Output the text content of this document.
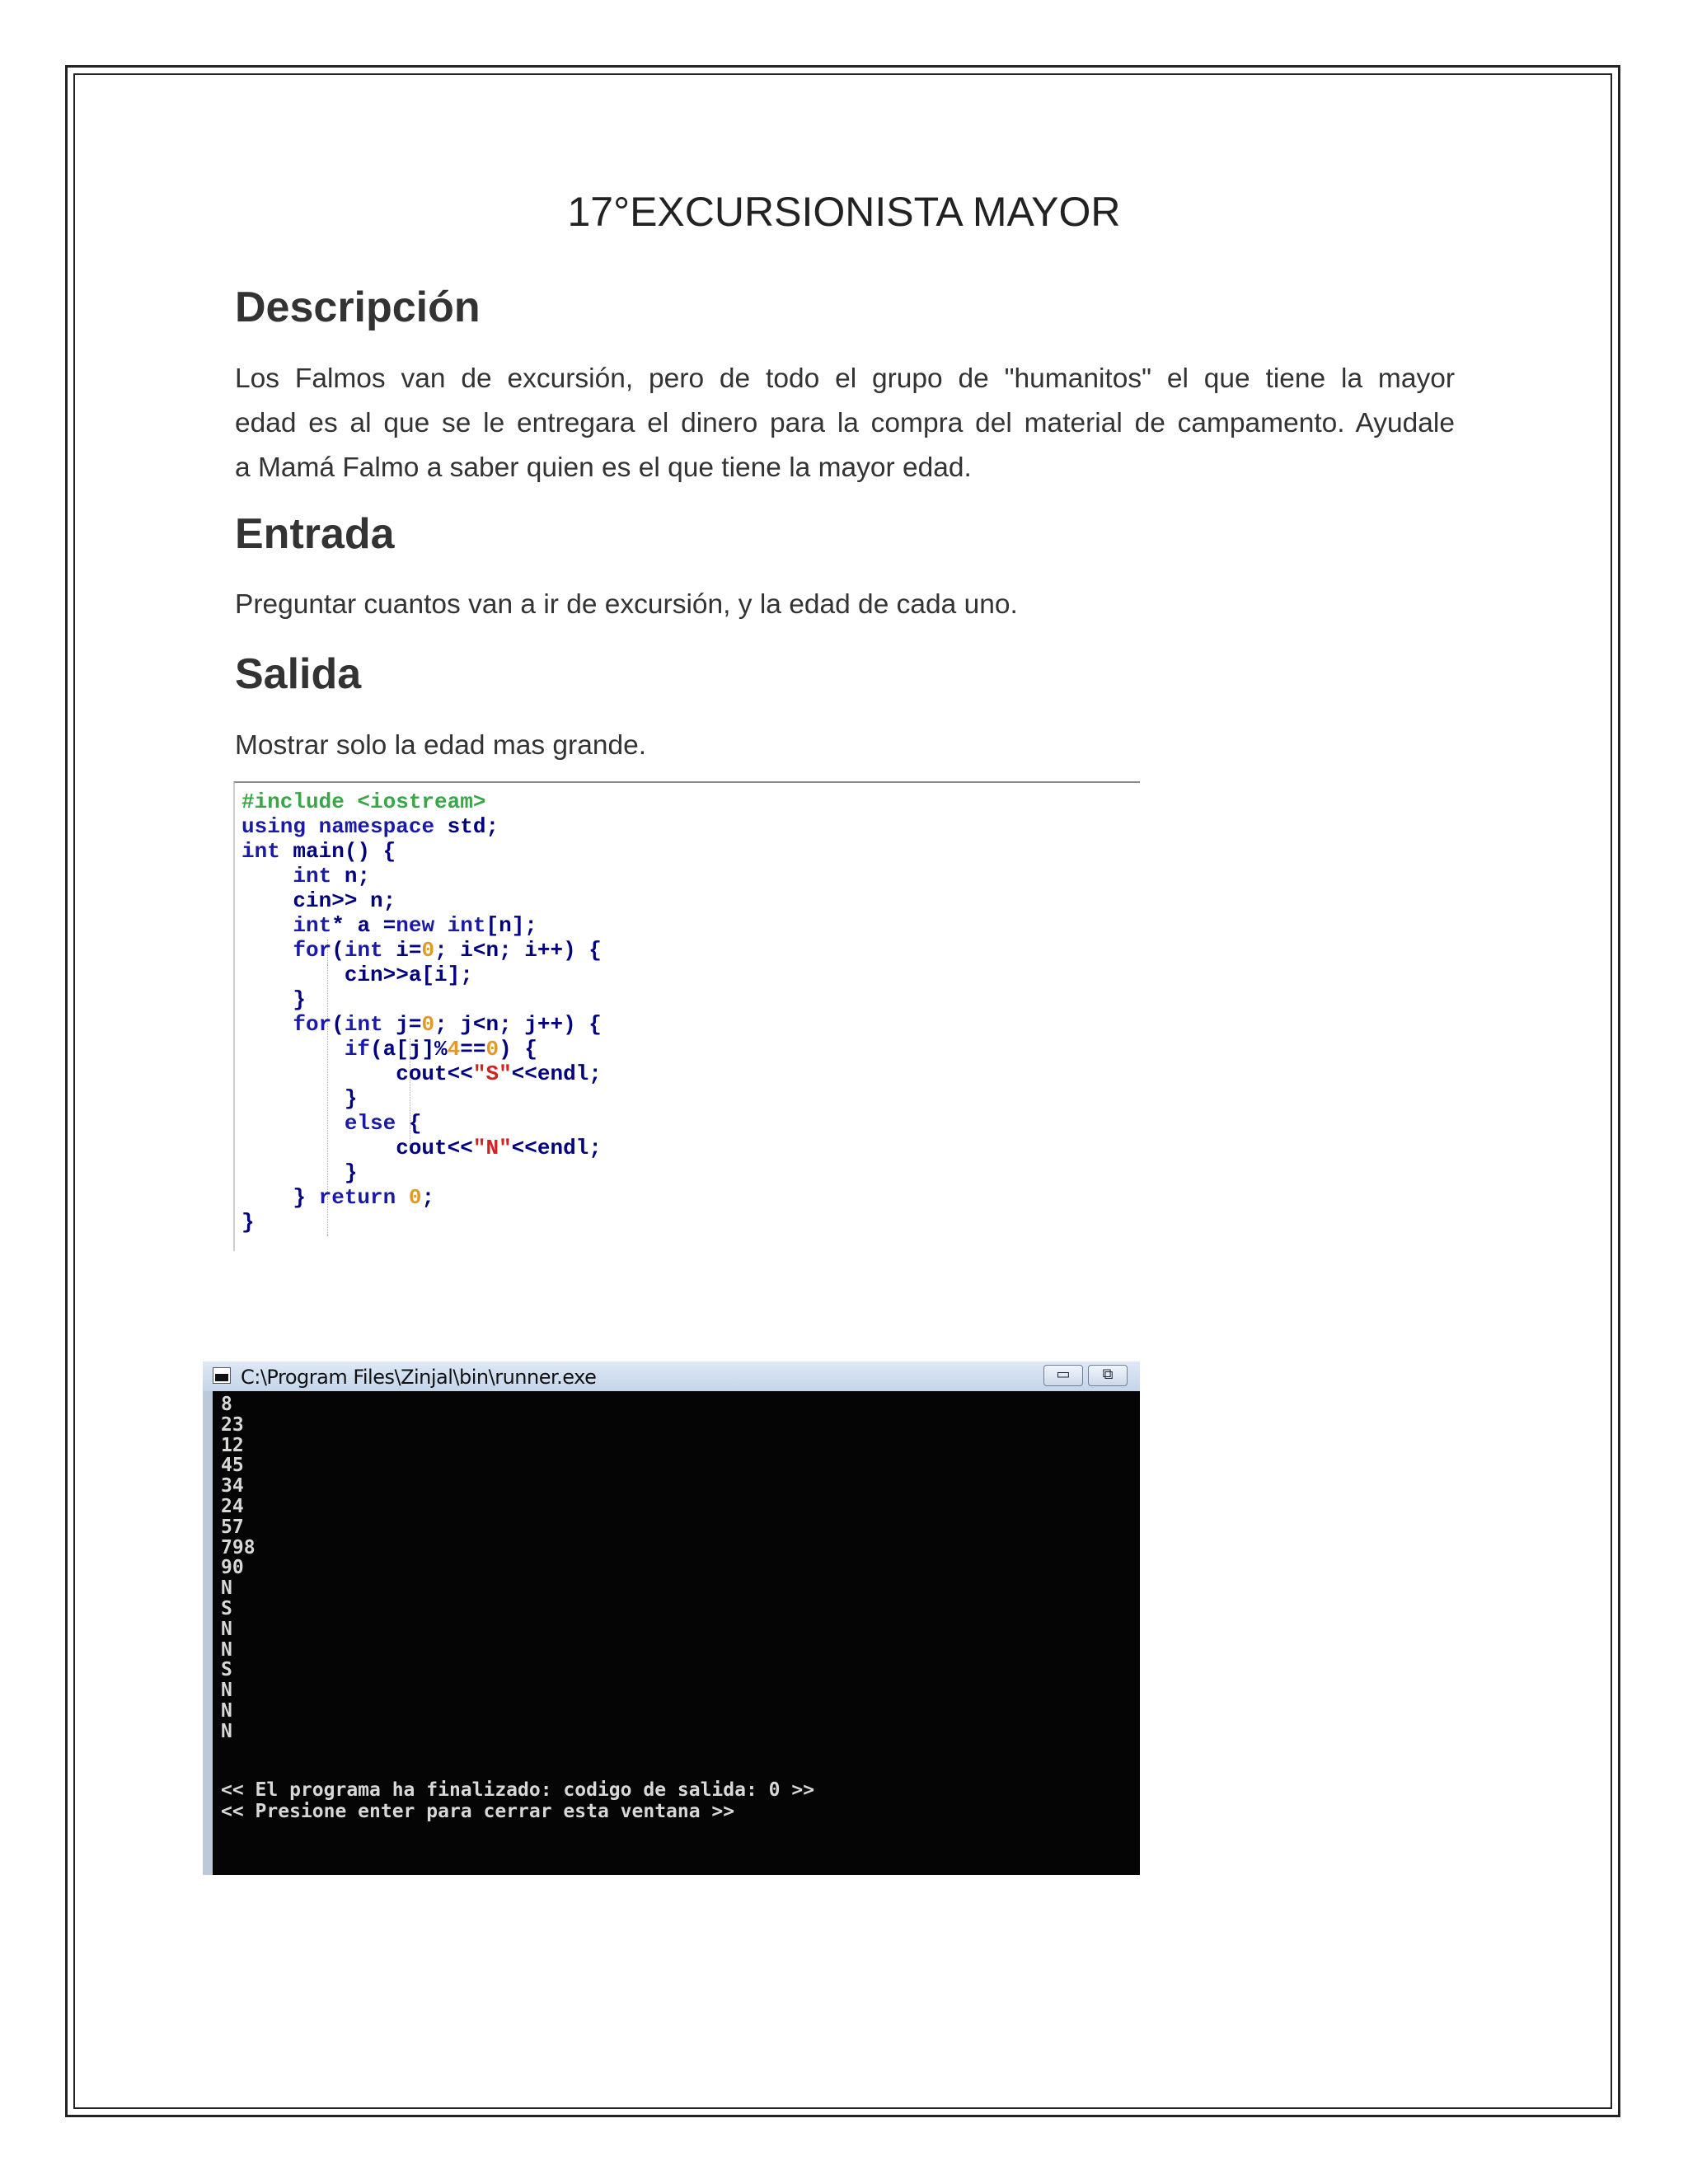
17°EXCURSIONISTA MAYOR
Descripción
Los Falmos van de excursión, pero de todo el grupo de "humanitos" el que tiene la mayor
edad es al que se le entregara el dinero para la compra del material de campamento. Ayudale
a Mamá Falmo a saber quien es el que tiene la mayor edad.
Entrada
Preguntar cuantos van a ir de excursión, y la edad de cada uno.
Salida
Mostrar solo la edad mas grande.
#include <iostream>
using namespace std;
int main() {
int n;
cin>> n;
int* a =new int[n];
for(int i=0; i<n; i++) {
cin>>a[i];
}
for(int j=0; j<n; j++) {
if(a[j]%4==0) {
cout<<"S"<<endl;
}
else {
cout<<"N"<<endl;
}
} return 0;
}
C:\Program Files\Zinjal\bin\runner.exe	▭	⧉
8
23
12
45
34
24
57
798
90
N
S
N
N
S
N
N
N
<< El programa ha finalizado: codigo de salida: 0 >>
<< Presione enter para cerrar esta ventana >>
